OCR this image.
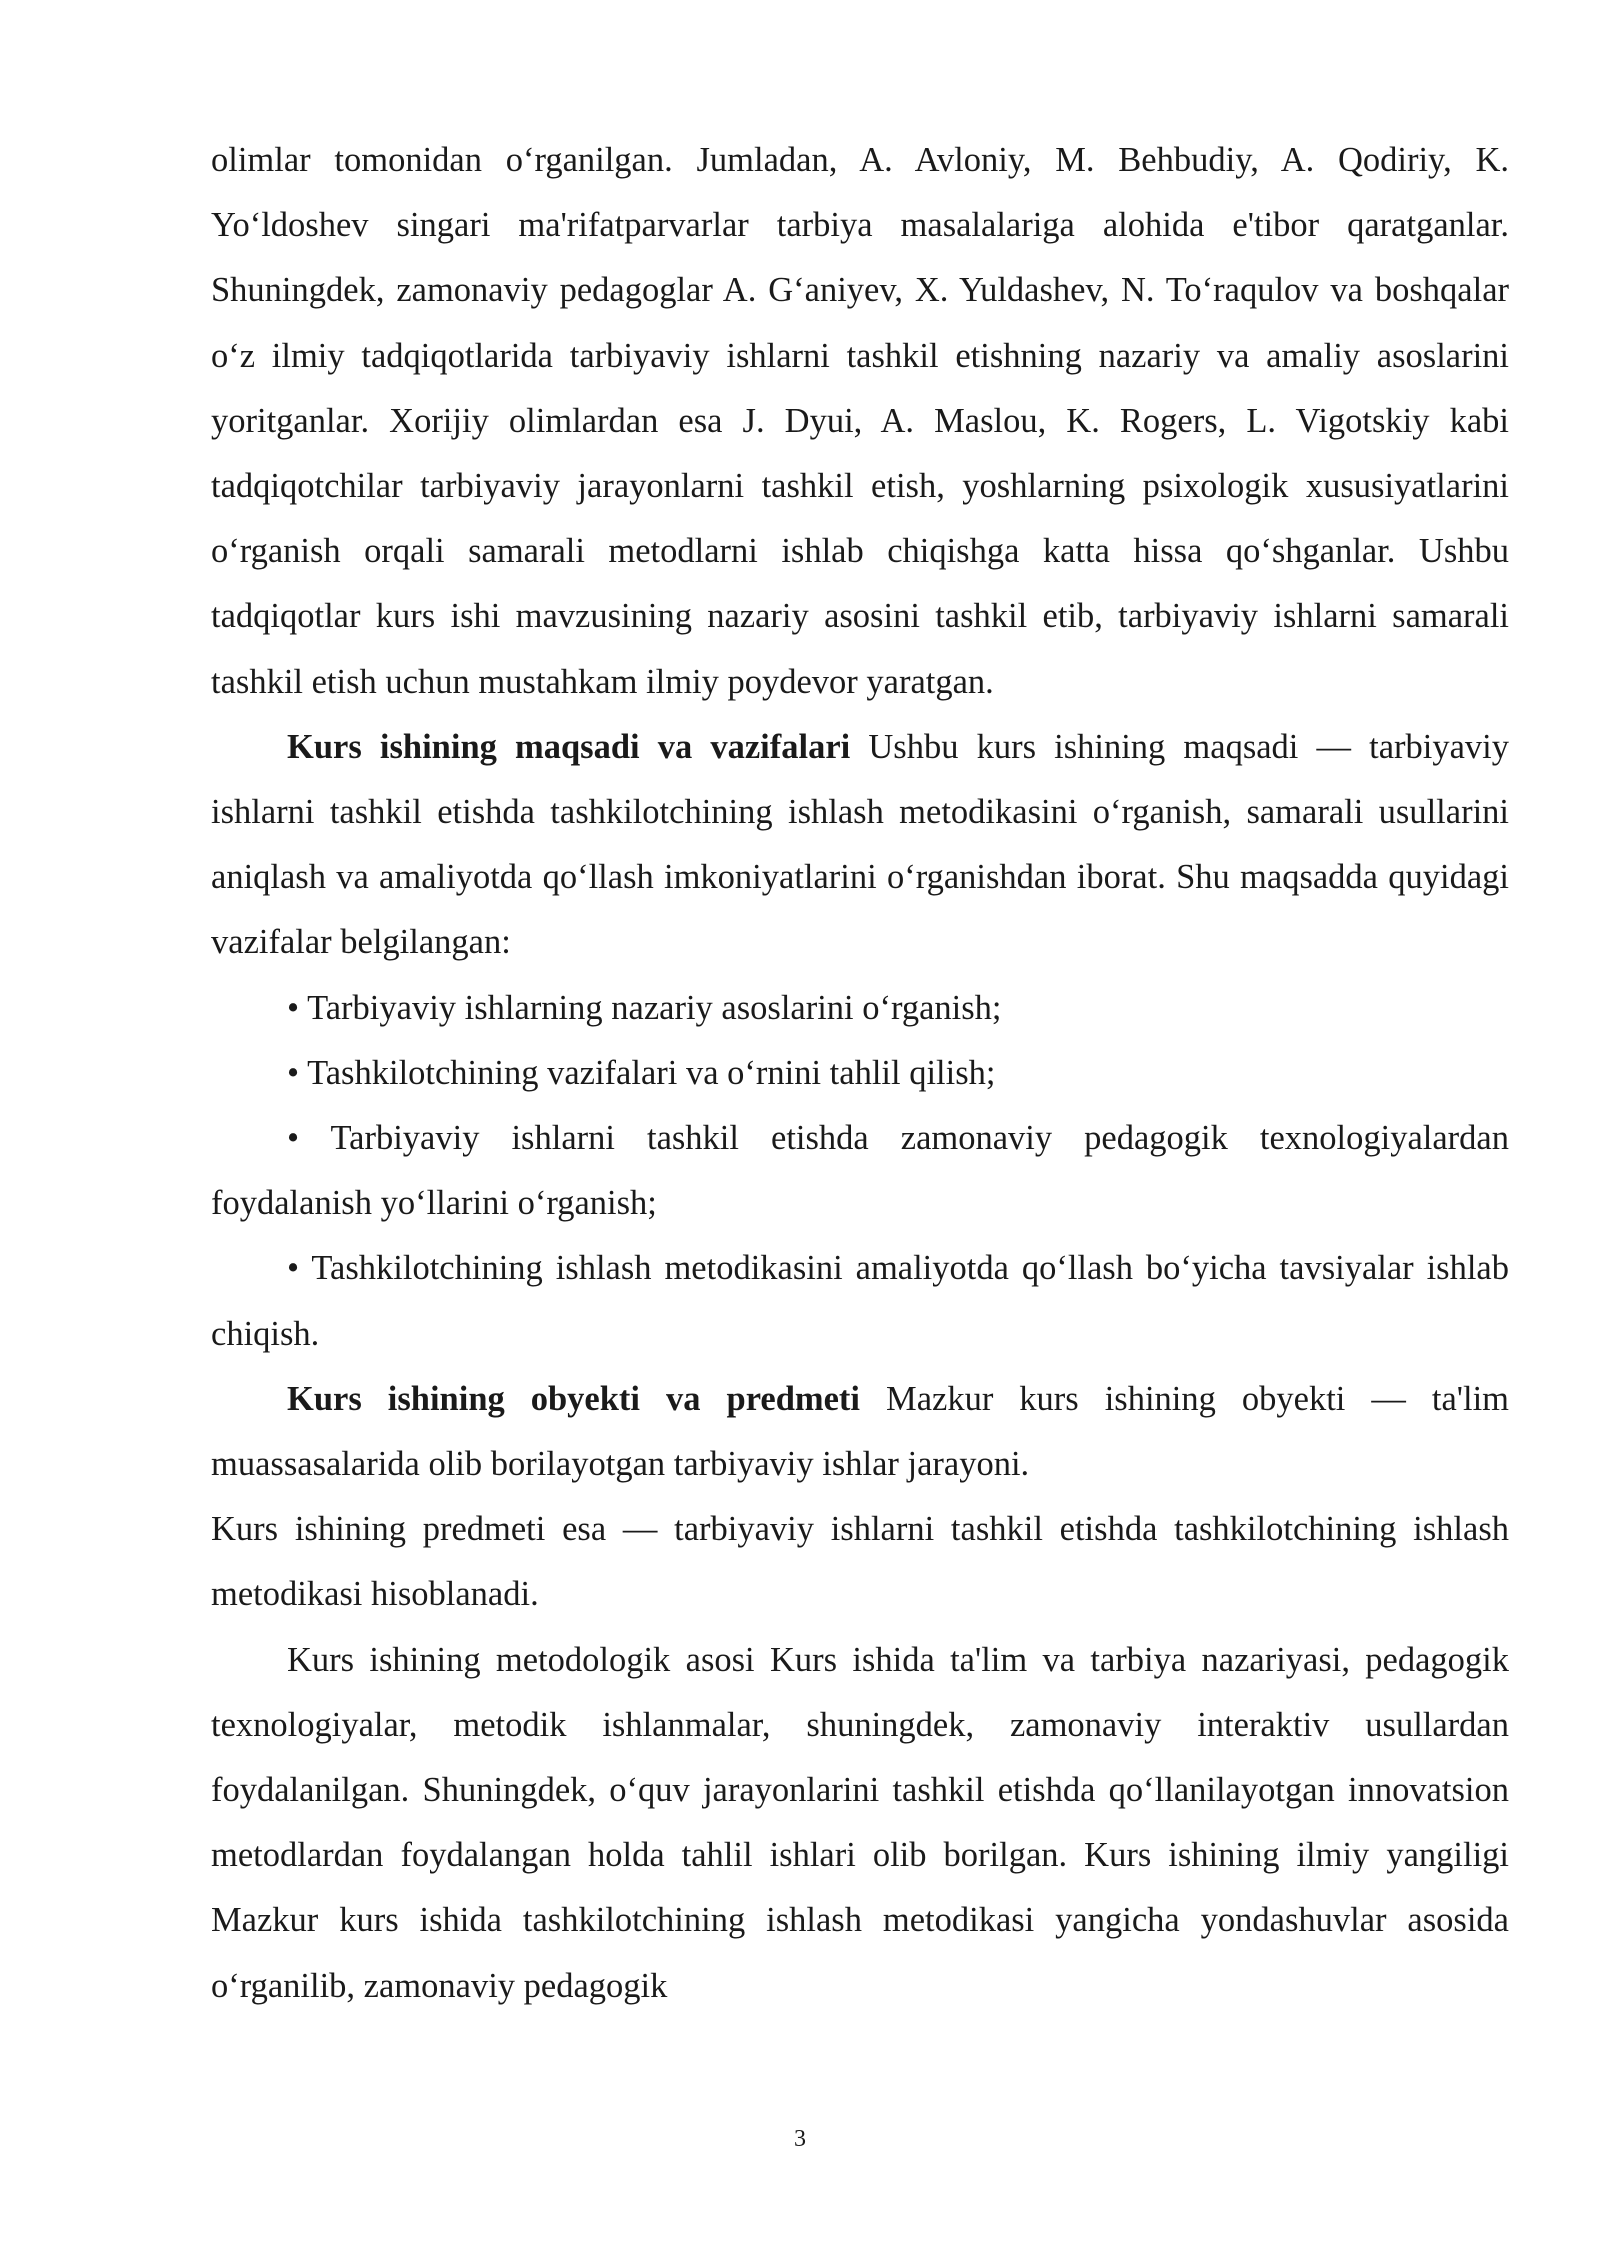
olimlar tomonidan o‘rganilgan. Jumladan, A. Avloniy, M. Behbudiy, A. Qodiriy, K. Yo‘ldoshev singari ma'rifatparvarlar tarbiya masalalariga alohida e'tibor qaratganlar. Shuningdek, zamonaviy pedagoglar A. G‘aniyev, X. Yuldashev, N. To‘raqulov va boshqalar o‘z ilmiy tadqiqotlarida tarbiyaviy ishlarni tashkil etishning nazariy va amaliy asoslarini yoritganlar. Xorijiy olimlardan esa J. Dyui, A. Maslou, K. Rogers, L. Vigotskiy kabi tadqiqotchilar tarbiyaviy jarayonlarni tashkil etish, yoshlarning psixologik xususiyatlarini o‘rganish orqali samarali metodlarni ishlab chiqishga katta hissa qo‘shganlar. Ushbu tadqiqotlar kurs ishi mavzusining nazariy asosini tashkil etib, tarbiyaviy ishlarni samarali tashkil etish uchun mustahkam ilmiy poydevor yaratgan.

Kurs ishining maqsadi va vazifalari Ushbu kurs ishining maqsadi — tarbiyaviy ishlarni tashkil etishda tashkilotchining ishlash metodikasini o‘rganish, samarali usullarini aniqlash va amaliyotda qo‘llash imkoniyatlarini o‘rganishdan iborat. Shu maqsadda quyidagi vazifalar belgilangan:

• Tarbiyaviy ishlarning nazariy asoslarini o‘rganish;

• Tashkilotchining vazifalari va o‘rnini tahlil qilish;

• Tarbiyaviy ishlarni tashkil etishda zamonaviy pedagogik texnologiyalardan foydalanish yo‘llarini o‘rganish;

• Tashkilotchining ishlash metodikasini amaliyotda qo‘llash bo‘yicha tavsiyalar ishlab chiqish.

Kurs ishining obyekti va predmeti Mazkur kurs ishining obyekti — ta'lim muassasalarida olib borilayotgan tarbiyaviy ishlar jarayoni.

Kurs ishining predmeti esa — tarbiyaviy ishlarni tashkil etishda tashkilotchining ishlash metodikasi hisoblanadi.

Kurs ishining metodologik asosi Kurs ishida ta'lim va tarbiya nazariyasi, pedagogik texnologiyalar, metodik ishlanmalar, shuningdek, zamonaviy interaktiv usullardan foydalanilgan. Shuningdek, o‘quv jarayonlarini tashkil etishda qo‘llanilayotgan innovatsion metodlardan foydalangan holda tahlil ishlari olib borilgan. Kurs ishining ilmiy yangiligi Mazkur kurs ishida tashkilotchining ishlash metodikasi yangicha yondashuvlar asosida o‘rganilib, zamonaviy pedagogik

3
